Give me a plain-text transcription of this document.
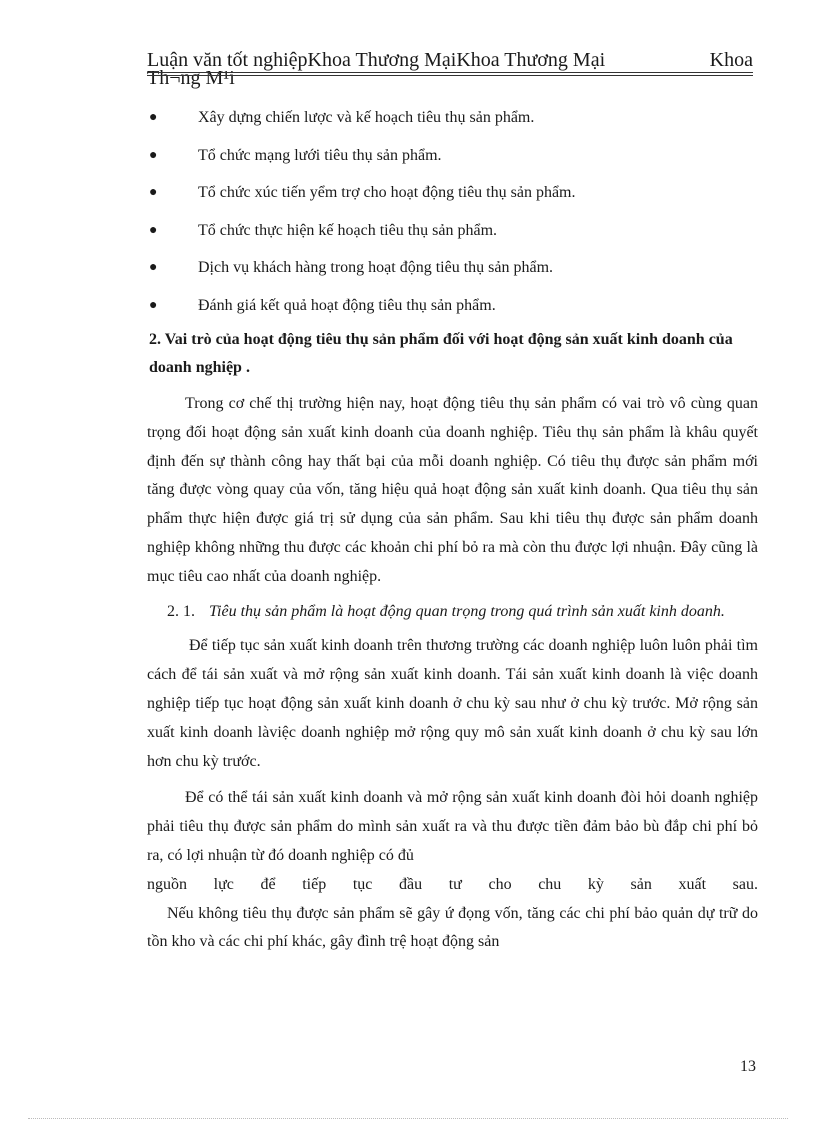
Luận văn tốt nghiệpKhoa Thương MạiKhoa Thương Mại	Khoa
Th¬ng M¹i
●	Xây dựng chiến lược và kế hoạch tiêu thụ sản phẩm.
●	Tổ chức mạng lưới tiêu thụ sản phẩm.
●	Tổ chức xúc tiến yểm trợ cho hoạt động tiêu thụ sản phẩm.
●	Tổ chức thực hiện kế hoạch tiêu thụ sản phẩm.
●	Dịch vụ khách hàng trong hoạt động tiêu thụ sản phẩm.
●	Đánh giá kết quả hoạt động tiêu thụ sản phẩm.
2. Vai trò của hoạt động tiêu thụ sản phẩm đối với hoạt động sản xuất kinh doanh của doanh nghiệp .

Trong cơ chế thị trường hiện nay, hoạt động tiêu thụ sản phẩm có vai trò vô cùng quan trọng đối hoạt động sản xuất kinh doanh của doanh nghiệp. Tiêu thụ sản phẩm là khâu quyết định đến sự thành công hay thất bại của mỗi doanh nghiệp. Có tiêu thụ được sản phẩm mới tăng được vòng quay của vốn, tăng hiệu quả hoạt động sản xuất kinh doanh. Qua tiêu thụ sản phẩm thực hiện được giá trị sử dụng của sản phẩm. Sau khi tiêu thụ được sản phẩm doanh nghiệp không những thu được các khoản chi phí bỏ ra mà còn thu được lợi nhuận. Đây cũng là mục tiêu cao nhất của doanh nghiệp.

2. 1. Tiêu thụ sản phẩm là hoạt động quan trọng trong quá trình sản xuất kinh doanh.

Để tiếp tục sản xuất kinh doanh trên thương trường các doanh nghiệp luôn luôn phải tìm cách để tái sản xuất và mở rộng sản xuất kinh doanh. Tái sản xuất kinh doanh là việc doanh nghiệp tiếp tục hoạt động sản xuất kinh doanh ở chu kỳ sau như ở chu kỳ trước. Mở rộng sản xuất kinh doanh làviệc doanh nghiệp mở rộng quy mô sản xuất kinh doanh ở chu kỳ sau lớn hơn chu kỳ trước.

Để có thể tái sản xuất kinh doanh và mở rộng sản xuất kinh doanh đòi hỏi doanh nghiệp phải tiêu thụ được sản phẩm do mình sản xuất ra và thu được tiền đảm bảo bù đắp chi phí bỏ ra, có lợi nhuận từ đó doanh nghiệp có đủ
nguồn lực để tiếp tục đầu tư cho chu kỳ sản xuất sau.
Nếu không tiêu thụ được sản phẩm sẽ gây ứ đọng vốn, tăng các chi phí bảo quản dự trữ do tồn kho và các chi phí khác, gây đình trệ hoạt động sản

13
